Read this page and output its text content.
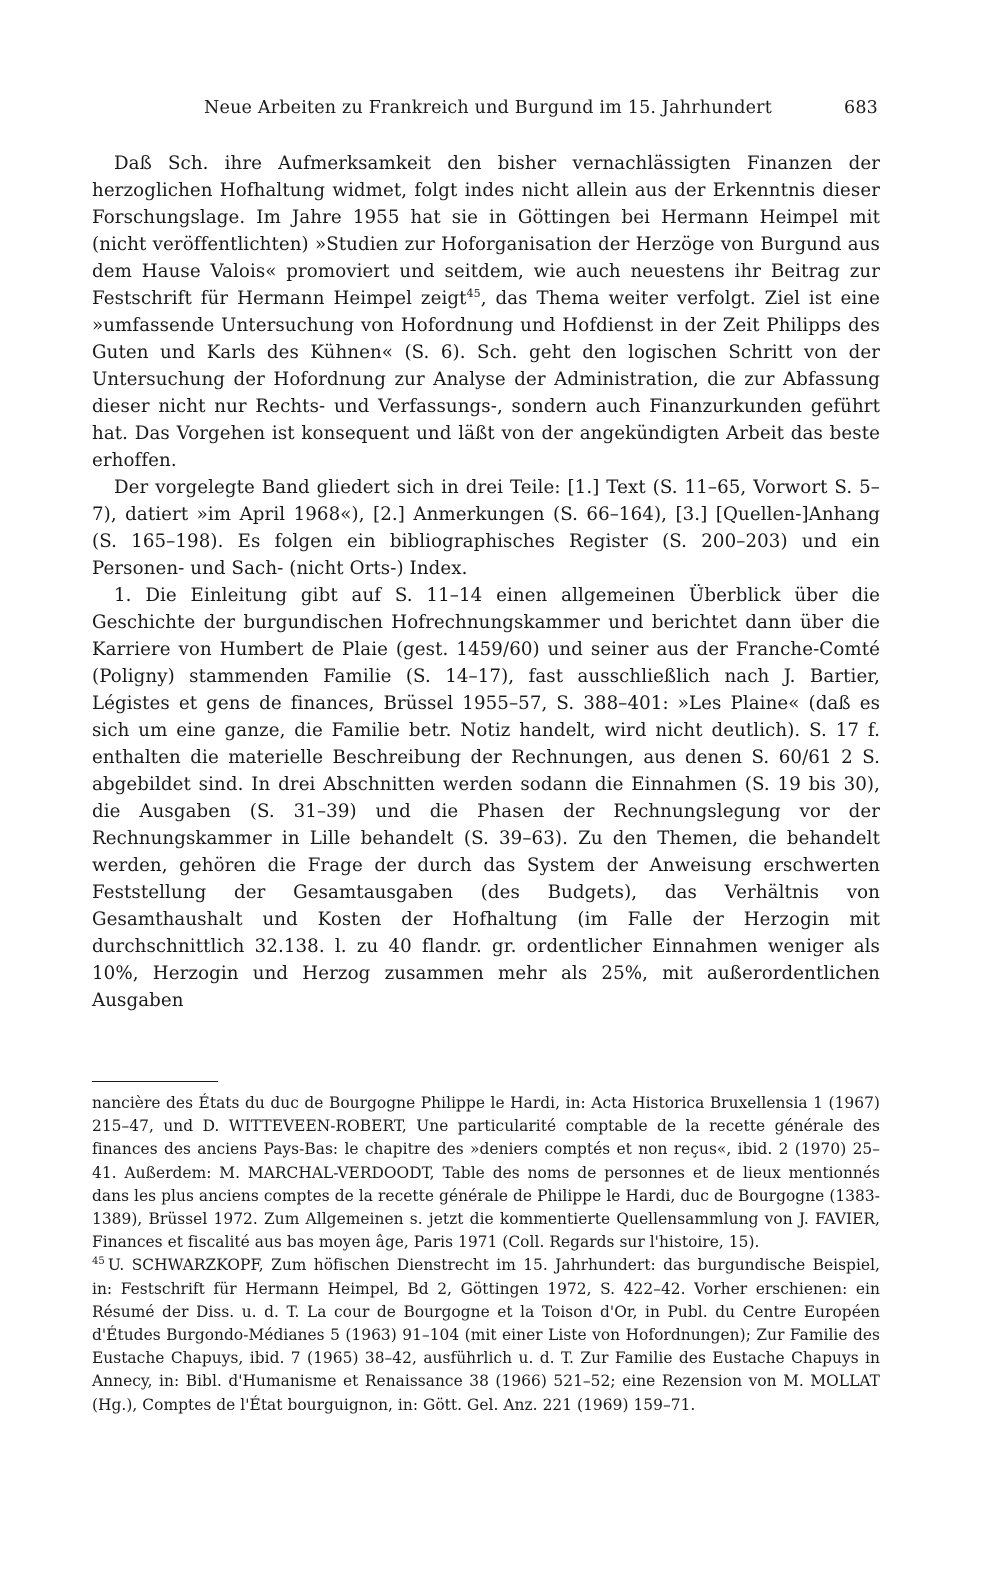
Neue Arbeiten zu Frankreich und Burgund im 15. Jahrhundert	683

Daß Sch. ihre Aufmerksamkeit den bisher vernachlässigten Finanzen der herzoglichen Hofhaltung widmet, folgt indes nicht allein aus der Erkenntnis dieser Forschungslage. Im Jahre 1955 hat sie in Göttingen bei Hermann Heimpel mit (nicht veröffentlichten) »Studien zur Hoforganisation der Herzöge von Burgund aus dem Hause Valois« promoviert und seitdem, wie auch neuestens ihr Beitrag zur Festschrift für Hermann Heimpel zeigt$^{45}$, das Thema weiter verfolgt. Ziel ist eine »umfassende Untersuchung von Hofordnung und Hofdienst in der Zeit Philipps des Guten und Karls des Kühnen« (S. 6). Sch. geht den logischen Schritt von der Untersuchung der Hofordnung zur Analyse der Administration, die zur Abfassung dieser nicht nur Rechts- und Verfassungs-, sondern auch Finanzurkunden geführt hat. Das Vorgehen ist konsequent und läßt von der angekündigten Arbeit das beste erhoffen.

Der vorgelegte Band gliedert sich in drei Teile: [1.] Text (S. 11–65, Vorwort S. 5–7), datiert »im April 1968«), [2.] Anmerkungen (S. 66–164), [3.] [Quellen-]Anhang (S. 165–198). Es folgen ein bibliographisches Register (S. 200–203) und ein Personen- und Sach- (nicht Orts-) Index.

1. Die Einleitung gibt auf S. 11–14 einen allgemeinen Überblick über die Geschichte der burgundischen Hofrechnungskammer und berichtet dann über die Karriere von Humbert de Plaie (gest. 1459/60) und seiner aus der Franche-Comté (Poligny) stammenden Familie (S. 14–17), fast ausschließlich nach J. Bartier, Légistes et gens de finances, Brüssel 1955–57, S. 388–401: »Les Plaine« (daß es sich um eine ganze, die Familie betr. Notiz handelt, wird nicht deutlich). S. 17 f. enthalten die materielle Beschreibung der Rechnungen, aus denen S. 60/61 2 S. abgebildet sind. In drei Abschnitten werden sodann die Einnahmen (S. 19 bis 30), die Ausgaben (S. 31–39) und die Phasen der Rechnungslegung vor der Rechnungskammer in Lille behandelt (S. 39–63). Zu den Themen, die behandelt werden, gehören die Frage der durch das System der Anweisung erschwerten Feststellung der Gesamtausgaben (des Budgets), das Verhältnis von Gesamthaushalt und Kosten der Hofhaltung (im Falle der Herzogin mit durchschnittlich 32.138. l. zu 40 flandr. gr. ordentlicher Einnahmen weniger als 10%, Herzogin und Herzog zusammen mehr als 25%, mit außerordentlichen Ausgaben

nancière des États du duc de Bourgogne Philippe le Hardi, in: Acta Historica Bruxellensia 1 (1967) 215–47, und D. WITTEVEEN-ROBERT, Une particularité comptable de la recette générale des finances des anciens Pays-Bas: le chapitre des »deniers comptés et non reçus«, ibid. 2 (1970) 25–41. Außerdem: M. MARCHAL-VERDOODT, Table des noms de personnes et de lieux mentionnés dans les plus anciens comptes de la recette générale de Philippe le Hardi, duc de Bourgogne (1383-1389), Brüssel 1972. Zum Allgemeinen s. jetzt die kommentierte Quellensammlung von J. FAVIER, Finances et fiscalité aus bas moyen âge, Paris 1971 (Coll. Regards sur l'histoire, 15).

$^{45}$ U. SCHWARZKOPF, Zum höfischen Dienstrecht im 15. Jahrhundert: das burgundische Beispiel, in: Festschrift für Hermann Heimpel, Bd 2, Göttingen 1972, S. 422–42. Vorher erschienen: ein Résumé der Diss. u. d. T. La cour de Bourgogne et la Toison d'Or, in Publ. du Centre Européen d'Études Burgondo-Médianes 5 (1963) 91–104 (mit einer Liste von Hofordnungen); Zur Familie des Eustache Chapuys, ibid. 7 (1965) 38–42, ausführlich u. d. T. Zur Familie des Eustache Chapuys in Annecy, in: Bibl. d'Humanisme et Renaissance 38 (1966) 521–52; eine Rezension von M. MOLLAT (Hg.), Comptes de l'État bourguignon, in: Gött. Gel. Anz. 221 (1969) 159–71.
